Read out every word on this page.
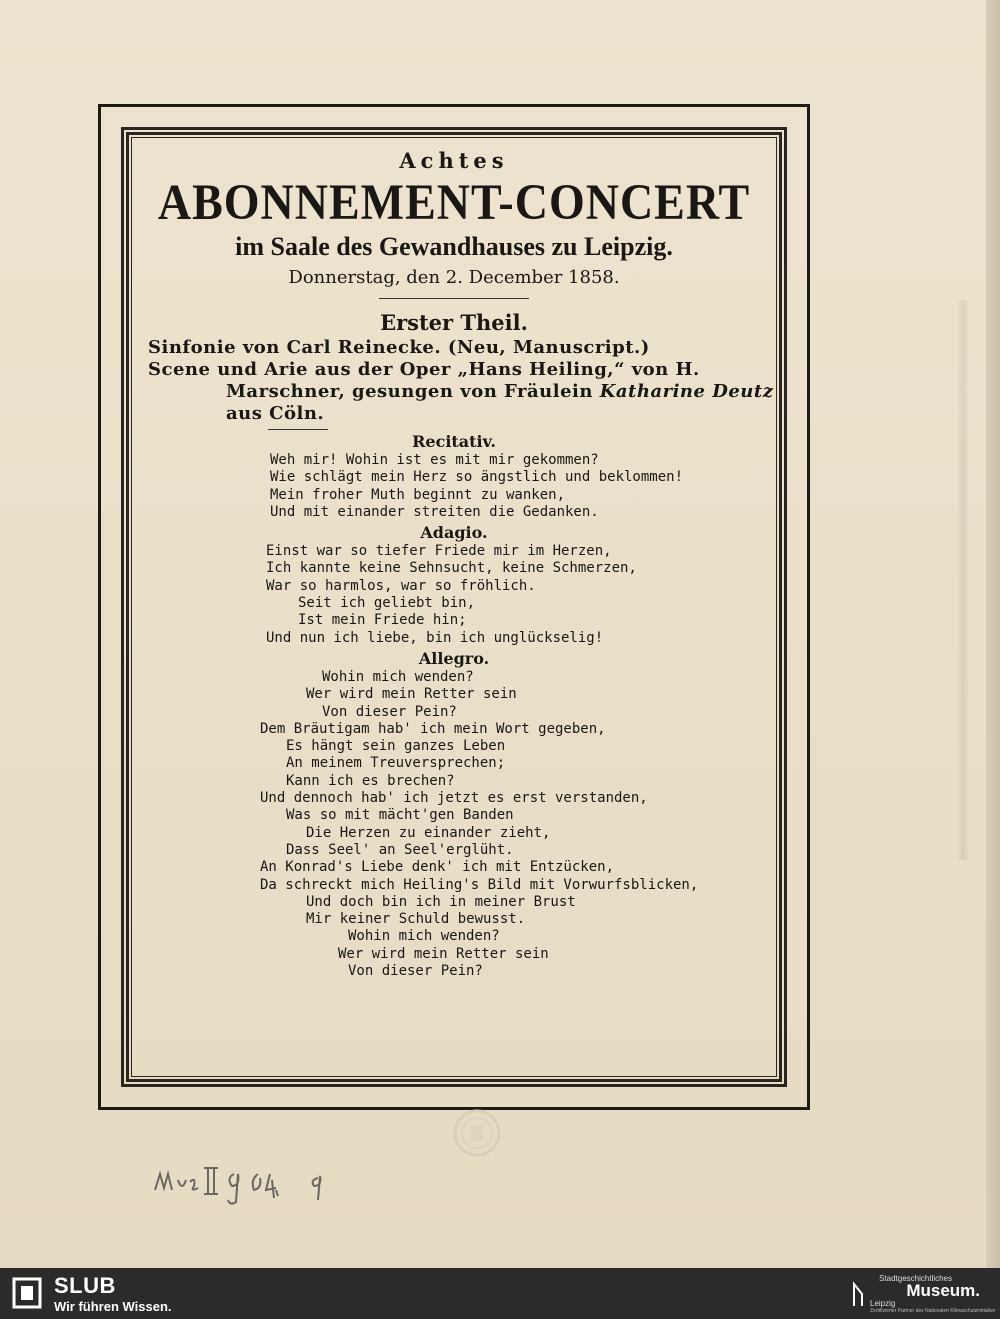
Achtes
ABONNEMENT-CONCERT
im Saale des Gewandhauses zu Leipzig.
Donnerstag, den 2. December 1858.
Erster Theil.
Sinfonie von Carl Reinecke. (Neu, Manuscript.)
Scene und Arie aus der Oper „Hans Heiling,“ von H.
Marschner, gesungen von Fräulein Katharine Deutz
aus Cöln.
Recitativ.
Weh mir! Wohin ist es mit mir gekommen?
Wie schlägt mein Herz so ängstlich und beklommen!
Mein froher Muth beginnt zu wanken,
Und mit einander streiten die Gedanken.
Adagio.
Einst war so tiefer Friede mir im Herzen,
Ich kannte keine Sehnsucht, keine Schmerzen,
War so harmlos, war so fröhlich.
Seit ich geliebt bin,
Ist mein Friede hin;
Und nun ich liebe, bin ich unglückselig!
Allegro.
Wohin mich wenden?
Wer wird mein Retter sein
Von dieser Pein?
Dem Bräutigam hab' ich mein Wort gegeben,
Es hängt sein ganzes Leben
An meinem Treuversprechen;
Kann ich es brechen?
Und dennoch hab' ich jetzt es erst verstanden,
Was so mit mächt'gen Banden
Die Herzen zu einander zieht,
Dass Seel' an Seel'erglüht.
An Konrad's Liebe denk' ich mit Entzücken,
Da schreckt mich Heiling's Bild mit Vorwurfsblicken,
Und doch bin ich in meiner Brust
Mir keiner Schuld bewusst.
Wohin mich wenden?
Wer wird mein Retter sein
Von dieser Pein?
SLUB
Wir führen Wissen.
Stadtgeschichtliches
Museum.
Leipzig
Zertifizierter Partner des Nationalen Klimaschutzinitiative
